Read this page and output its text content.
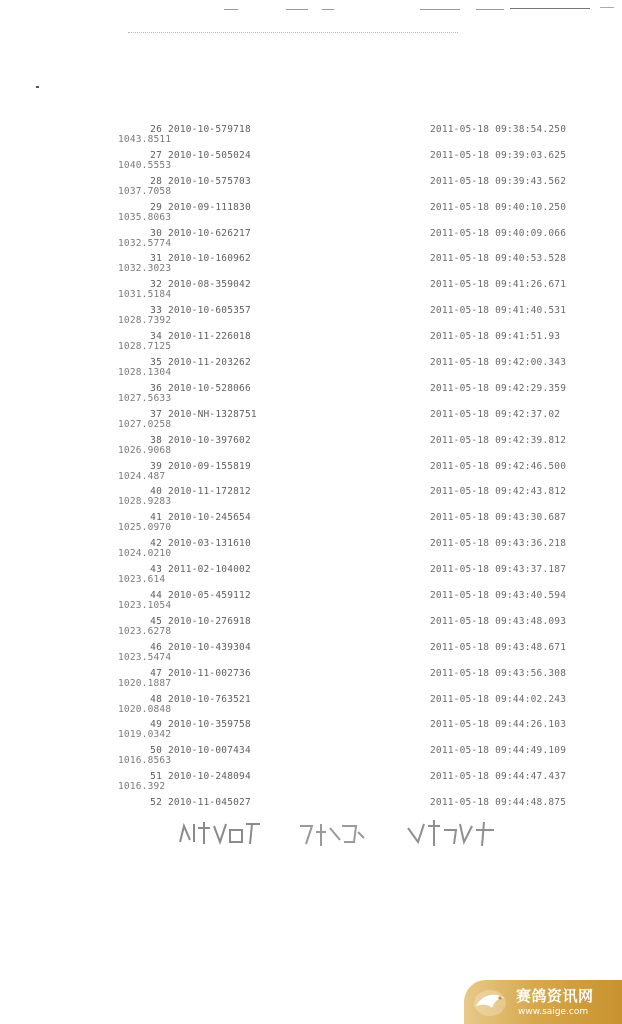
26 2010-10-579718	2011-05-18 09:38:54.250
1043.8511
27 2010-10-505024	2011-05-18 09:39:03.625
1040.5553
28 2010-10-575703	2011-05-18 09:39:43.562
1037.7058
29 2010-09-111830	2011-05-18 09:40:10.250
1035.8063
30 2010-10-626217	2011-05-18 09:40:09.066
1032.5774
31 2010-10-160962	2011-05-18 09:40:53.528
1032.3023
32 2010-08-359042	2011-05-18 09:41:26.671
1031.5184
33 2010-10-605357	2011-05-18 09:41:40.531
1028.7392
34 2010-11-226018	2011-05-18 09:41:51.93
1028.7125
35 2010-11-203262	2011-05-18 09:42:00.343
1028.1304
36 2010-10-528066	2011-05-18 09:42:29.359
1027.5633
37 2010-NH-1328751	2011-05-18 09:42:37.02
1027.0258
38 2010-10-397602	2011-05-18 09:42:39.812
1026.9068
39 2010-09-155819	2011-05-18 09:42:46.500
1024.487
40 2010-11-172812	2011-05-18 09:42:43.812
1028.9283
41 2010-10-245654	2011-05-18 09:43:30.687
1025.0970
42 2010-03-131610	2011-05-18 09:43:36.218
1024.0210
43 2011-02-104002	2011-05-18 09:43:37.187
1023.614
44 2010-05-459112	2011-05-18 09:43:40.594
1023.1054
45 2010-10-276918	2011-05-18 09:43:48.093
1023.6278
46 2010-10-439304	2011-05-18 09:43:48.671
1023.5474
47 2010-11-002736	2011-05-18 09:43:56.308
1020.1887
48 2010-10-763521	2011-05-18 09:44:02.243
1020.0848
49 2010-10-359758	2011-05-18 09:44:26.103
1019.0342
50 2010-10-007434	2011-05-18 09:44:49.109
1016.8563
51 2010-10-248094	2011-05-18 09:44:47.437
1016.392
52 2010-11-045027	2011-05-18 09:44:48.875
赛鸽资讯网
www.saige.com
